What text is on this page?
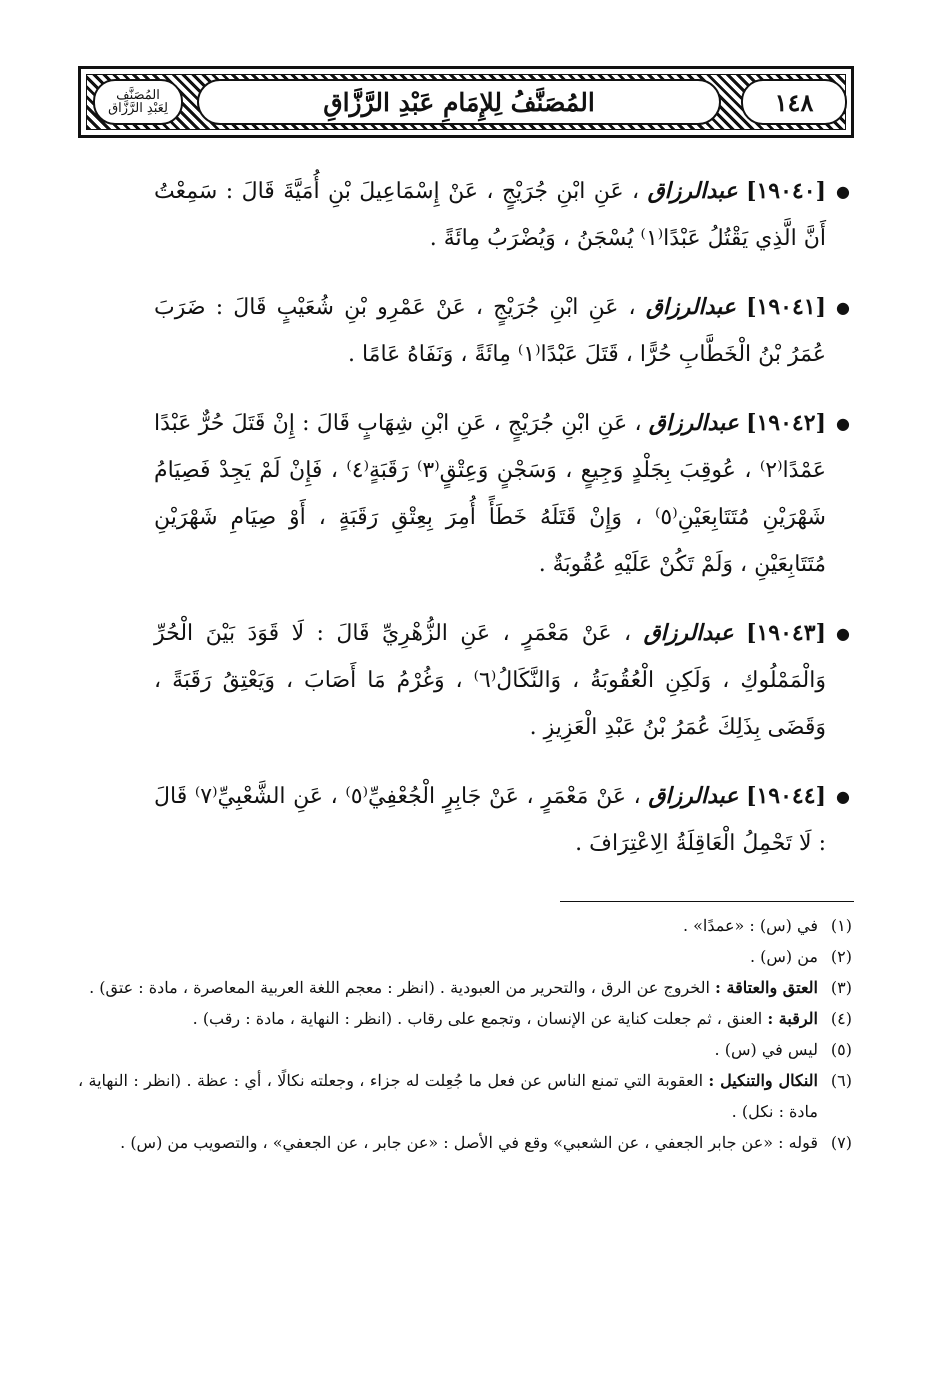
المُصَنَّف
لِعَبْدِ الرَّزَّاق	المُصَنَّفُ لِلإِمَامِ عَبْدِ الرَّزَّاقِ	١٤٨

●
[١٩٠٤٠] عبدالرزاق ، عَنِ ابْنِ جُرَيْجٍ ، عَنْ إِسْمَاعِيلَ بْنِ أُمَيَّةَ قَالَ : سَمِعْتُ أَنَّ الَّذِي يَقْتُلُ عَبْدًا⁽١⁾ يُسْجَنُ ، وَيُضْرَبُ مِائَةً .

●
[١٩٠٤١] عبدالرزاق ، عَنِ ابْنِ جُرَيْجٍ ، عَنْ عَمْرِو بْنِ شُعَيْبٍ قَالَ : ضَرَبَ عُمَرُ بْنُ الْخَطَّابِ حُرًّا ، قَتَلَ عَبْدًا⁽١⁾ مِائَةً ، وَنَفَاهُ عَامًا .

●
[١٩٠٤٢] عبدالرزاق ، عَنِ ابْنِ جُرَيْجٍ ، عَنِ ابْنِ شِهَابٍ قَالَ : إِنْ قَتَلَ حُرٌّ عَبْدًا عَمْدًا⁽٢⁾ ، عُوقِبَ بِجَلْدٍ وَجِيعٍ ، وَسَجْنٍ وَعِتْقٍ⁽٣⁾ رَقَبَةٍ⁽٤⁾ ، فَإِنْ لَمْ يَجِدْ فَصِيَامُ شَهْرَيْنِ مُتَتَابِعَيْنِ⁽٥⁾ ، وَإِنْ قَتَلَهُ خَطَأً أُمِرَ بِعِتْقِ رَقَبَةٍ ، أَوْ صِيَامِ شَهْرَيْنِ مُتَتَابِعَيْنِ ، وَلَمْ تَكُنْ عَلَيْهِ عُقُوبَةٌ .

●
[١٩٠٤٣] عبدالرزاق ، عَنْ مَعْمَرٍ ، عَنِ الزُّهْرِيِّ قَالَ : لَا قَوَدَ بَيْنَ الْحُرِّ وَالْمَمْلُوكِ ، وَلَكِنِ الْعُقُوبَةُ ، وَالنَّكَالُ⁽٦⁾ ، وَغُرْمُ مَا أَصَابَ ، وَيَعْتِقُ رَقَبَةً ، وَقَضَى بِذَلِكَ عُمَرُ بْنُ عَبْدِ الْعَزِيزِ .

●
[١٩٠٤٤] عبدالرزاق ، عَنْ مَعْمَرٍ ، عَنْ جَابِرٍ الْجُعْفِيِّ⁽٥⁾ ، عَنِ الشَّعْبِيِّ⁽٧⁾ قَالَ : لَا تَحْمِلُ الْعَاقِلَةُ الِاعْتِرَافَ .

(١)
في (س) : «عمدًا» .
(٢)
من (س) .
(٣)
العتق والعتاقة : الخروج عن الرق ، والتحرير من العبودية . (انظر : معجم اللغة العربية المعاصرة ، مادة : عتق) .
(٤)
الرقبة : العنق ، ثم جعلت كناية عن الإنسان ، وتجمع على رقاب . (انظر : النهاية ، مادة : رقب) .
(٥)
ليس في (س) .
(٦)
النكال والتنكيل : العقوبة التي تمنع الناس عن فعل ما جُعِلت له جزاء ، وجعلته نكالًا ، أي : عظة . (انظر : النهاية ، مادة : نكل) .
(٧)
قوله : «عن جابر الجعفي ، عن الشعبي» وقع في الأصل : «عن جابر ، عن الجعفي» ، والتصويب من (س) .
